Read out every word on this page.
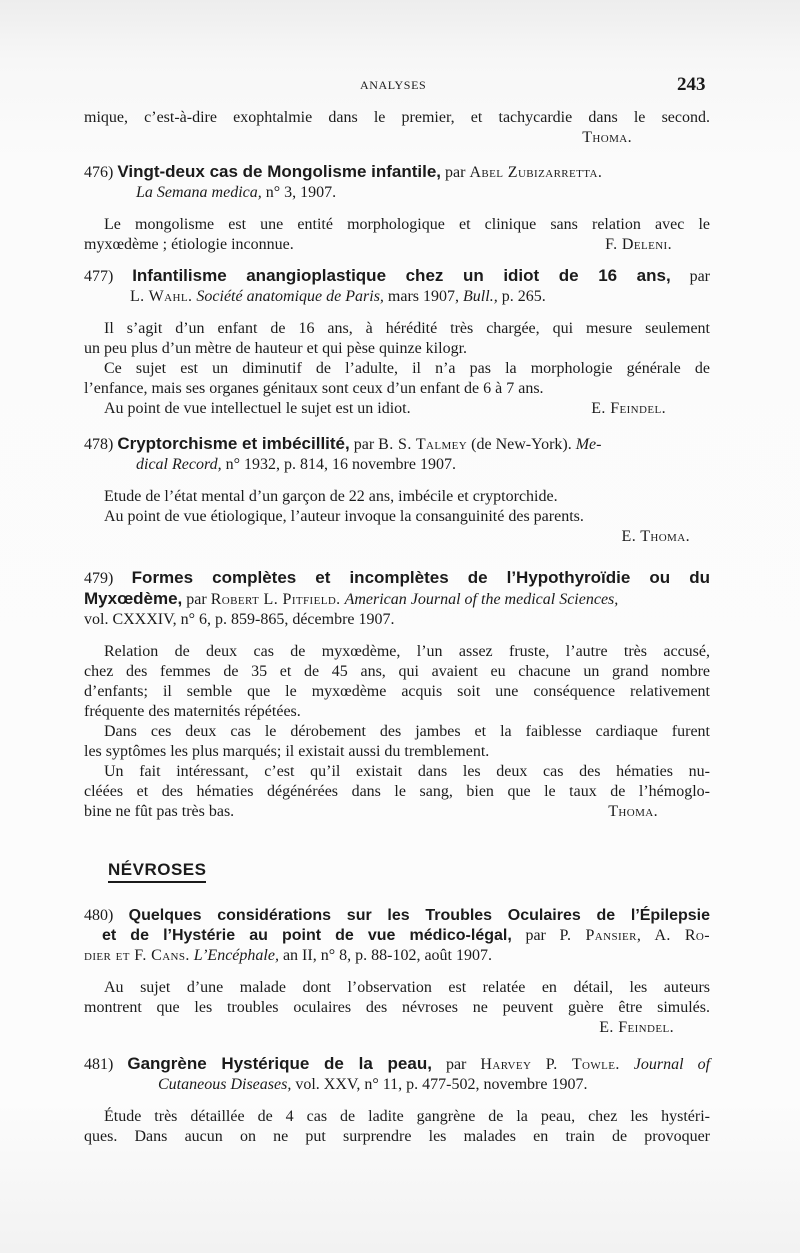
ANALYSES	243
mique, c’est-à-dire exophtalmie dans le premier, et tachycardie dans le second.
Thoma.
476) Vingt-deux cas de Mongolisme infantile, par Abel Zubizarretta.
La Semana medica, n° 3, 1907.
Le mongolisme est une entité morphologique et clinique sans relation avec le
myxœdème ; étiologie inconnue.	F. Deleni.
477) Infantilisme anangioplastique chez un idiot de 16 ans, par
L. Wahl. Société anatomique de Paris, mars 1907, Bull., p. 265.
Il s’agit d’un enfant de 16 ans, à hérédité très chargée, qui mesure seulement
un peu plus d’un mètre de hauteur et qui pèse quinze kilogr.
Ce sujet est un diminutif de l’adulte, il n’a pas la morphologie générale de
l’enfance, mais ses organes génitaux sont ceux d’un enfant de 6 à 7 ans.
Au point de vue intellectuel le sujet est un idiot.	E. Feindel.
478) Cryptorchisme et imbécillité, par B. S. Talmey (de New-York). Me-
dical Record, n° 1932, p. 814, 16 novembre 1907.
Etude de l’état mental d’un garçon de 22 ans, imbécile et cryptorchide.
Au point de vue étiologique, l’auteur invoque la consanguinité des parents.
E. Thoma.
479) Formes complètes et incomplètes de l’Hypothyroïdie ou du
Myxœdème, par Robert L. Pitfield. American Journal of the medical Sciences,
vol. CXXXIV, n° 6, p. 859-865, décembre 1907.
Relation de deux cas de myxœdème, l’un assez fruste, l’autre très accusé,
chez des femmes de 35 et de 45 ans, qui avaient eu chacune un grand nombre
d’enfants; il semble que le myxœdème acquis soit une conséquence relativement
fréquente des maternités répétées.
Dans ces deux cas le dérobement des jambes et la faiblesse cardiaque furent
les syptômes les plus marqués; il existait aussi du tremblement.
Un fait intéressant, c’est qu’il existait dans les deux cas des hématies nu-
cléées et des hématies dégénérées dans le sang, bien que le taux de l’hémoglo-
bine ne fût pas très bas.	Thoma.
NÉVROSES
480) Quelques considérations sur les Troubles Oculaires de l’Épilepsie
et de l’Hystérie au point de vue médico-légal, par P. Pansier, A. Ro-
dier et F. Cans. L’Encéphale, an II, n° 8, p. 88-102, août 1907.
Au sujet d’une malade dont l’observation est relatée en détail, les auteurs
montrent que les troubles oculaires des névroses ne peuvent guère être simulés.
E. Feindel.
481) Gangrène Hystérique de la peau, par Harvey P. Towle. Journal of
Cutaneous Diseases, vol. XXV, n° 11, p. 477-502, novembre 1907.
Étude très détaillée de 4 cas de ladite gangrène de la peau, chez les hystéri-
ques. Dans aucun on ne put surprendre les malades en train de provoquer
